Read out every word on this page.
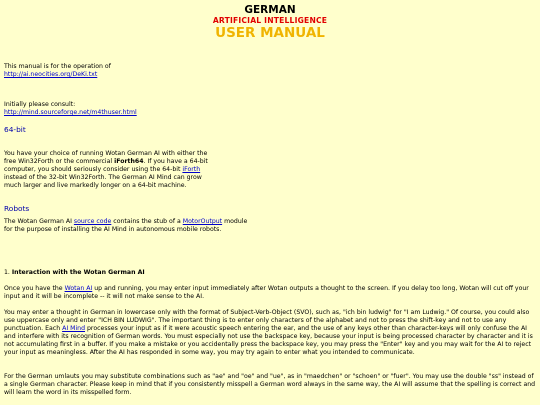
GERMAN
ARTIFICIAL INTELLIGENCE
USER MANUAL
This manual is for the operation of
http://ai.neocities.org/DeKi.txt
Initially please consult:
http://mind.sourceforge.net/m4thuser.html
64-bit
You have your choice of running Wotan German AI with either the
free Win32Forth or the commercial iForth64. If you have a 64-bit
computer, you should seriously consider using the 64-bit iForth
instead of the 32-bit Win32Forth. The German AI Mind can grow
much larger and live markedly longer on a 64-bit machine.
Robots
The Wotan German AI source code contains the stub of a MotorOutput module
for the purpose of installing the AI Mind in autonomous mobile robots.
1. Interaction with the Wotan German AI
Once you have the Wotan AI up and running, you may enter input immediately after Wotan outputs a thought to the screen. If you delay too long, Wotan will cut off your input and it will be incomplete -- it will not make sense to the AI.
You may enter a thought in German in lowercase only with the format of Subject-Verb-Object (SVO), such as, "ich bin ludwig" for "I am Ludwig." Of course, you could also use uppercase only and enter "ICH BIN LUDWIG". The important thing is to enter only characters of the alphabet and not to press the shift-key and not to use any punctuation. Each AI Mind processes your input as if it were acoustic speech entering the ear, and the use of any keys other than character-keys will only confuse the AI and interfere with its recognition of German words. You must especially not use the backspace key, because your input is being processed character by character and it is not accumulating first in a buffer. If you make a mistake or you accidentally press the backspace key, you may press the "Enter" key and you may wait for the AI to reject your input as meaningless. After the AI has responded in some way, you may try again to enter what you intended to communicate.
For the German umlauts you may substitute combinations such as "ae" and "oe" and "ue", as in "maedchen" or "schoen" or "fuer". You may use the double "ss" instead of a single German character. Please keep in mind that if you consistently misspell a German word always in the same way, the AI will assume that the spelling is correct and will learn the word in its misspelled form.
